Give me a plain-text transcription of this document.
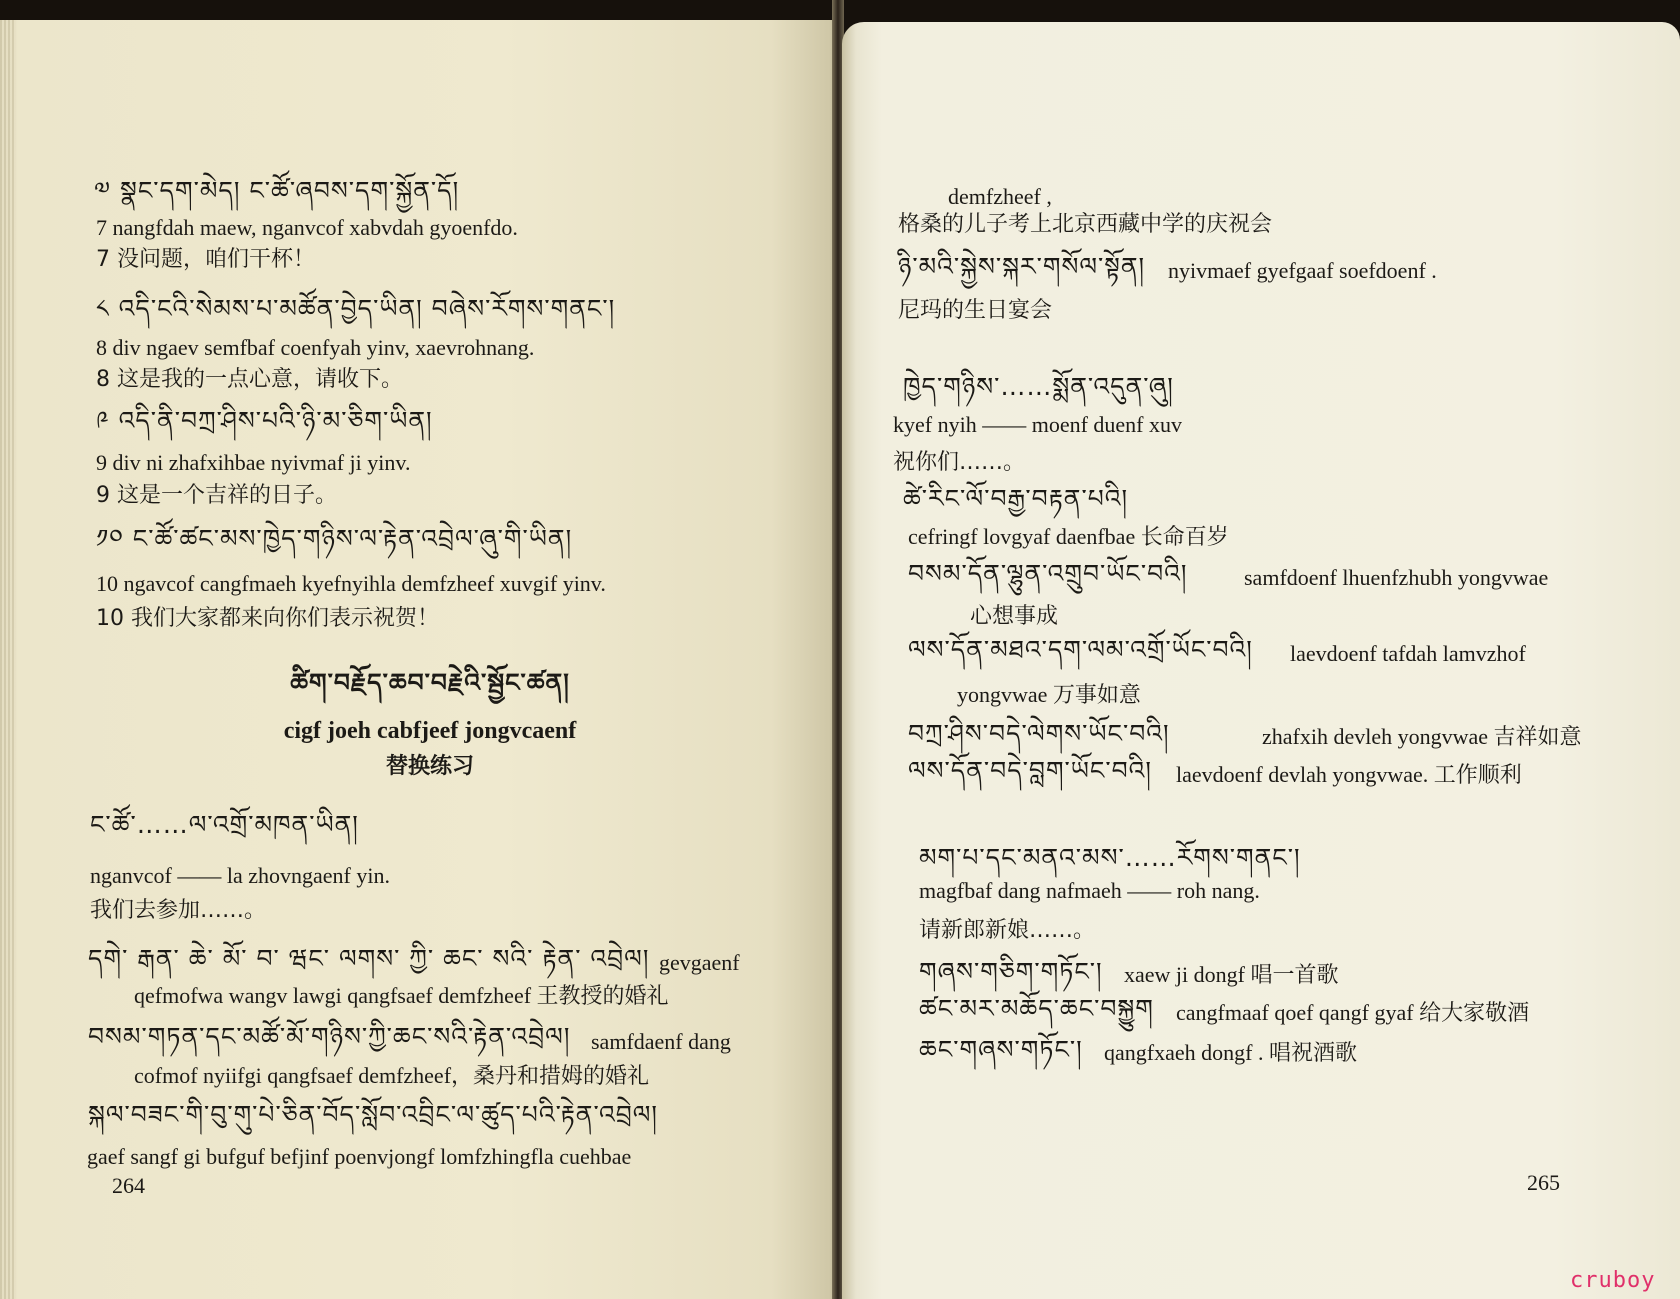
༧ སྣང་དག་མེད། ང་ཚོ་ཞབས་དག་སྐྱོན་དོ།
7 nangfdah maew, nganvcof xabvdah gyoenfdo.
7 没问题，咱们干杯！
༨ འདི་ངའི་སེམས་པ་མཚོན་བྱེད་ཡིན། བཞེས་རོགས་གནང་།
8 div ngaev semfbaf coenfyah yinv, xaevrohnang.
8 这是我的一点心意，请收下。
༩ འདི་ནི་བཀྲ་ཤིས་པའི་ཉི་མ་ཅིག་ཡིན།
9 div ni zhafxihbae nyivmaf ji yinv.
9 这是一个吉祥的日子。
༡༠ ང་ཚོ་ཚང་མས་ཁྱེད་གཉིས་ལ་རྟེན་འབྲེལ་ཞུ་གི་ཡིན།
10 ngavcof cangfmaeh kyefnyihla demfzheef xuvgif yinv.
10 我们大家都来向你们表示祝贺！
ཚིག་བརྗོད་ཆབ་བརྗེའི་སྦྱོང་ཚན།
cigf joeh cabfjeef jongvcaenf
替换练习
ང་ཚོ་……ལ་འགྲོ་མཁན་ཡིན།
nganvcof —— la zhovngaenf yin.
我们去参加……。
དགེ་ རྒན་ ཆེ་ མོ་ བ་ ཝང་ ལགས་ ཀྱི་ ཆང་ སའི་ རྟེན་ འབྲེལ། gevgaenf
qefmofwa wangv lawgi qangfsaef demfzheef 王教授的婚礼
བསམ་གཏན་དང་མཚོ་མོ་གཉིས་ཀྱི་ཆང་སའི་རྟེན་འབྲེལ། samfdaenf dang
cofmof nyiifgi qangfsaef demfzheef，桑丹和措姆的婚礼
སྐལ་བཟང་གི་བུ་གུ་པེ་ཅིན་བོད་སློབ་འབྲིང་ལ་ཚུད་པའི་རྟེན་འབྲེལ།
gaef sangf gi bufguf befjinf poenvjongf lomfzhingfla cuehbae
264
demfzheef ,
格桑的儿子考上北京西藏中学的庆祝会
ཉི་མའི་སྐྱེས་སྐར་གསོལ་སྟོན། nyivmaef gyefgaaf soefdoenf .
尼玛的生日宴会
ཁྱེད་གཉིས་……སྨོན་འདུན་ཞུ།
kyef nyih —— moenf duenf xuv
祝你们……。
ཚེ་རིང་ལོ་བརྒྱ་བརྟན་པའི།
cefringf lovgyaf daenfbae 长命百岁
བསམ་དོན་ལྷུན་འགྲུབ་ཡོང་བའི།	samfdoenf lhuenfzhubh yongvwae
心想事成
ལས་དོན་མཐའ་དག་ལམ་འགྲོ་ཡོང་བའི། laevdoenf tafdah lamvzhof
yongvwae 万事如意
བཀྲ་ཤིས་བདེ་ལེགས་ཡོང་བའི།	zhafxih devleh yongvwae 吉祥如意
ལས་དོན་བདེ་བླག་ཡོང་བའི། laevdoenf devlah yongvwae. 工作顺利
མག་པ་དང་མནའ་མས་……རོགས་གནང་།
magfbaf dang nafmaeh —— roh nang.
请新郎新娘……。
གཞས་གཅིག་གཏོང་། xaew ji dongf 唱一首歌
ཚང་མར་མཆོད་ཆང་བསྐྱུག cangfmaaf qoef qangf gyaf 给大家敬酒
ཆང་གཞས་གཏོང་། qangfxaeh dongf . 唱祝酒歌
265
cruboy
